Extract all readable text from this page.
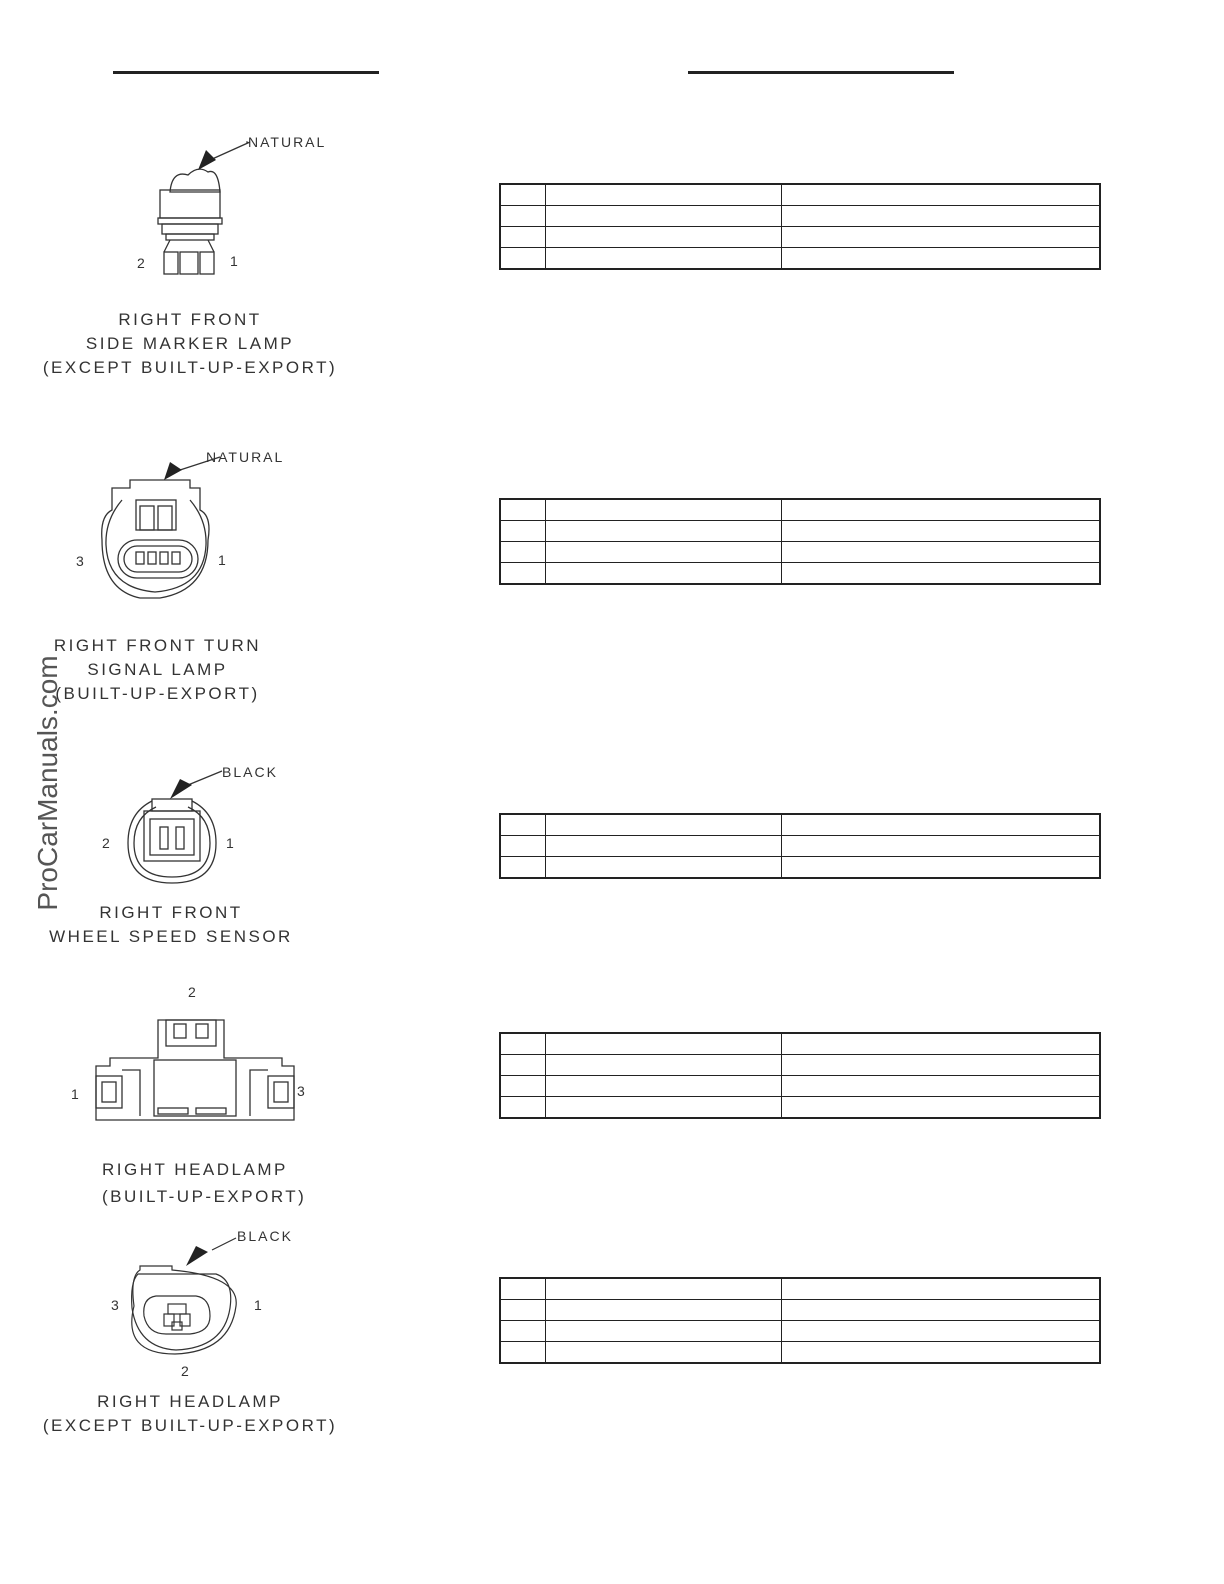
ProCarManuals.com
NATURAL
2	1
RIGHT FRONT
SIDE MARKER LAMP
(EXCEPT BUILT-UP-EXPORT)
NATURAL
3	1
RIGHT FRONT TURN
SIGNAL LAMP
(BUILT-UP-EXPORT)
BLACK
2	1
RIGHT FRONT
WHEEL SPEED SENSOR
2
1	3
RIGHT HEADLAMP
(BUILT-UP-EXPORT)
BLACK
3	1
2
RIGHT HEADLAMP
(EXCEPT BUILT-UP-EXPORT)
